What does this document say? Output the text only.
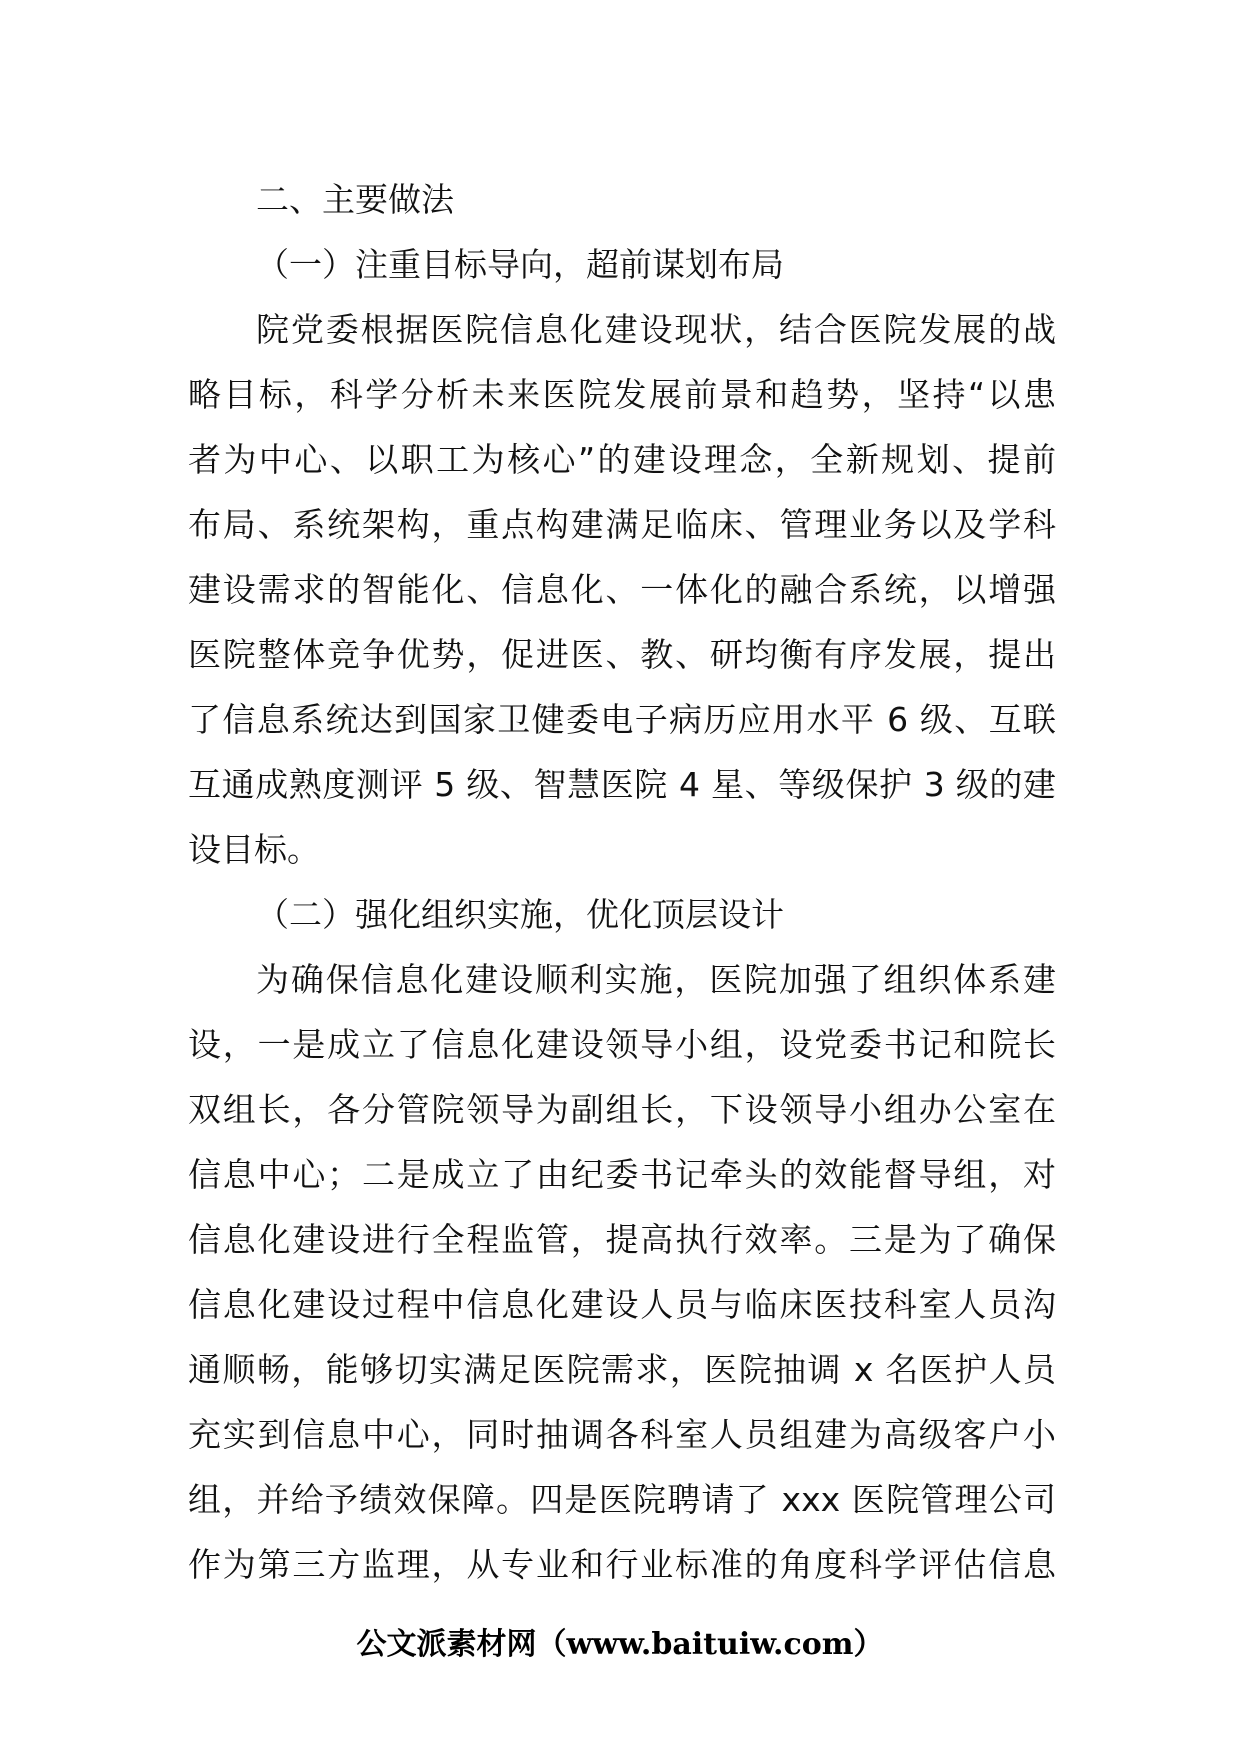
二、主要做法
（一）注重目标导向，超前谋划布局
院党委根据医院信息化建设现状，结合医院发展的战
略目标，科学分析未来医院发展前景和趋势，坚持“以患
者为中心、以职工为核心”的建设理念，全新规划、提前
布局、系统架构，重点构建满足临床、管理业务以及学科
建设需求的智能化、信息化、一体化的融合系统，以增强
医院整体竞争优势，促进医、教、研均衡有序发展，提出
了信息系统达到国家卫健委电子病历应用水平 6 级、互联
互通成熟度测评 5 级、智慧医院 4 星、等级保护 3 级的建
设目标。
（二）强化组织实施，优化顶层设计
为确保信息化建设顺利实施，医院加强了组织体系建
设，一是成立了信息化建设领导小组，设党委书记和院长
双组长，各分管院领导为副组长，下设领导小组办公室在
信息中心；二是成立了由纪委书记牵头的效能督导组，对
信息化建设进行全程监管，提高执行效率。三是为了确保
信息化建设过程中信息化建设人员与临床医技科室人员沟
通顺畅，能够切实满足医院需求，医院抽调 x 名医护人员
充实到信息中心，同时抽调各科室人员组建为高级客户小
组，并给予绩效保障。四是医院聘请了 xxx 医院管理公司
作为第三方监理，从专业和行业标准的角度科学评估信息
公文派素材网（www.baituiw.com）
